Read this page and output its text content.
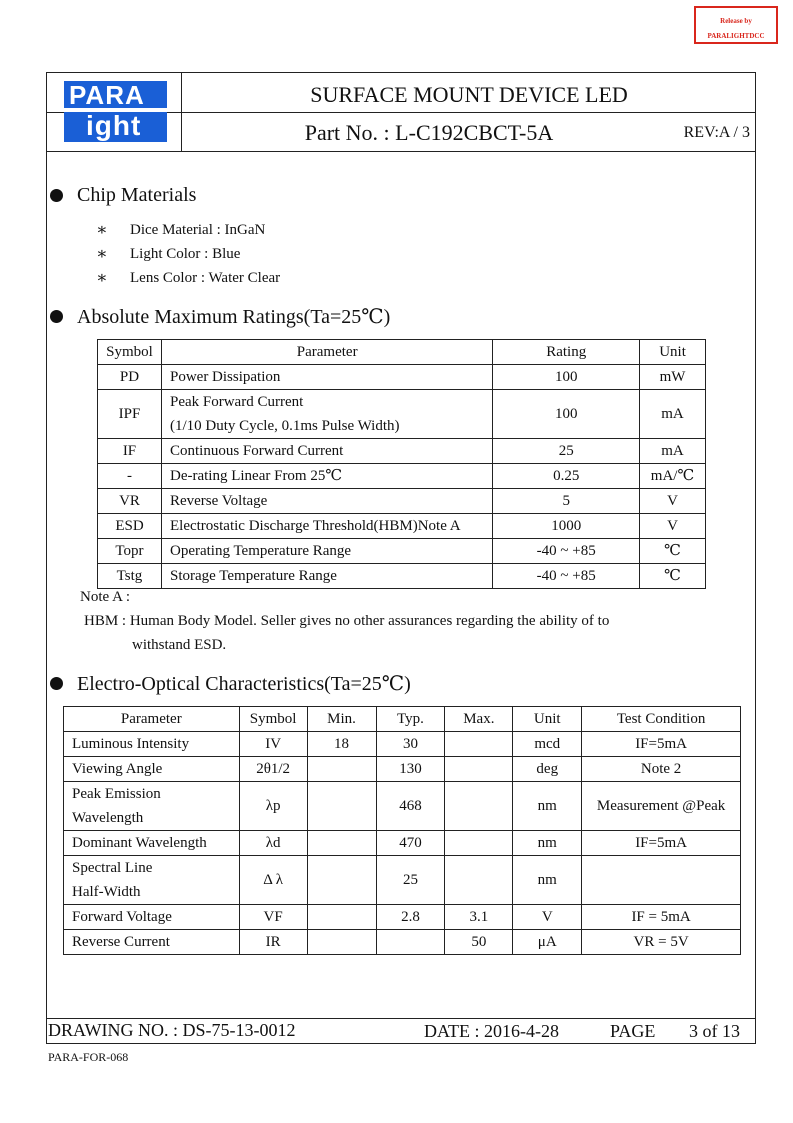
Release by
PARALIGHTDCC
PARA
ight
SURFACE MOUNT DEVICE LED
Part No. : L-C192CBCT-5A	REV:A / 3
Chip Materials
∗	Dice Material : InGaN
∗	Light Color : Blue
∗	Lens Color : Water Clear
Absolute Maximum Ratings(Ta=25℃)
Symbol	Parameter	Rating	Unit
PD	Power Dissipation	100	mW
IPF	Peak Forward Current
(1/10 Duty Cycle, 0.1ms Pulse Width)	100	mA
IF	Continuous Forward Current	25	mA
-	De-rating Linear From 25℃	0.25	mA/℃
VR	Reverse Voltage	5	V
ESD	Electrostatic Discharge Threshold(HBM)Note A	1000	V
Topr	Operating Temperature Range	-40 ~ +85	℃
Tstg	Storage Temperature Range	-40 ~ +85	℃
Note A :
HBM : Human Body Model. Seller gives no other assurances regarding the ability of to
withstand ESD.
Electro-Optical Characteristics(Ta=25℃)
Parameter	Symbol	Min.	Typ.	Max.	Unit	Test Condition
Luminous Intensity	IV	18	30		mcd	IF=5mA
Viewing Angle	2θ1/2		130		deg	Note 2

Peak Emission
Wavelength	λp		468		nm	Measurement @Peak
Dominant Wavelength	λd		470		nm	IF=5mA

Spectral Line
Half-Width	Δ λ		25		nm	
Forward Voltage	VF		2.8	3.1	V	IF = 5mA
Reverse Current	IR			50	μA	VR = 5V
DRAWING NO. : DS-75-13-0012	DATE : 2016-4-28	PAGE 3 of 13
PARA-FOR-068
